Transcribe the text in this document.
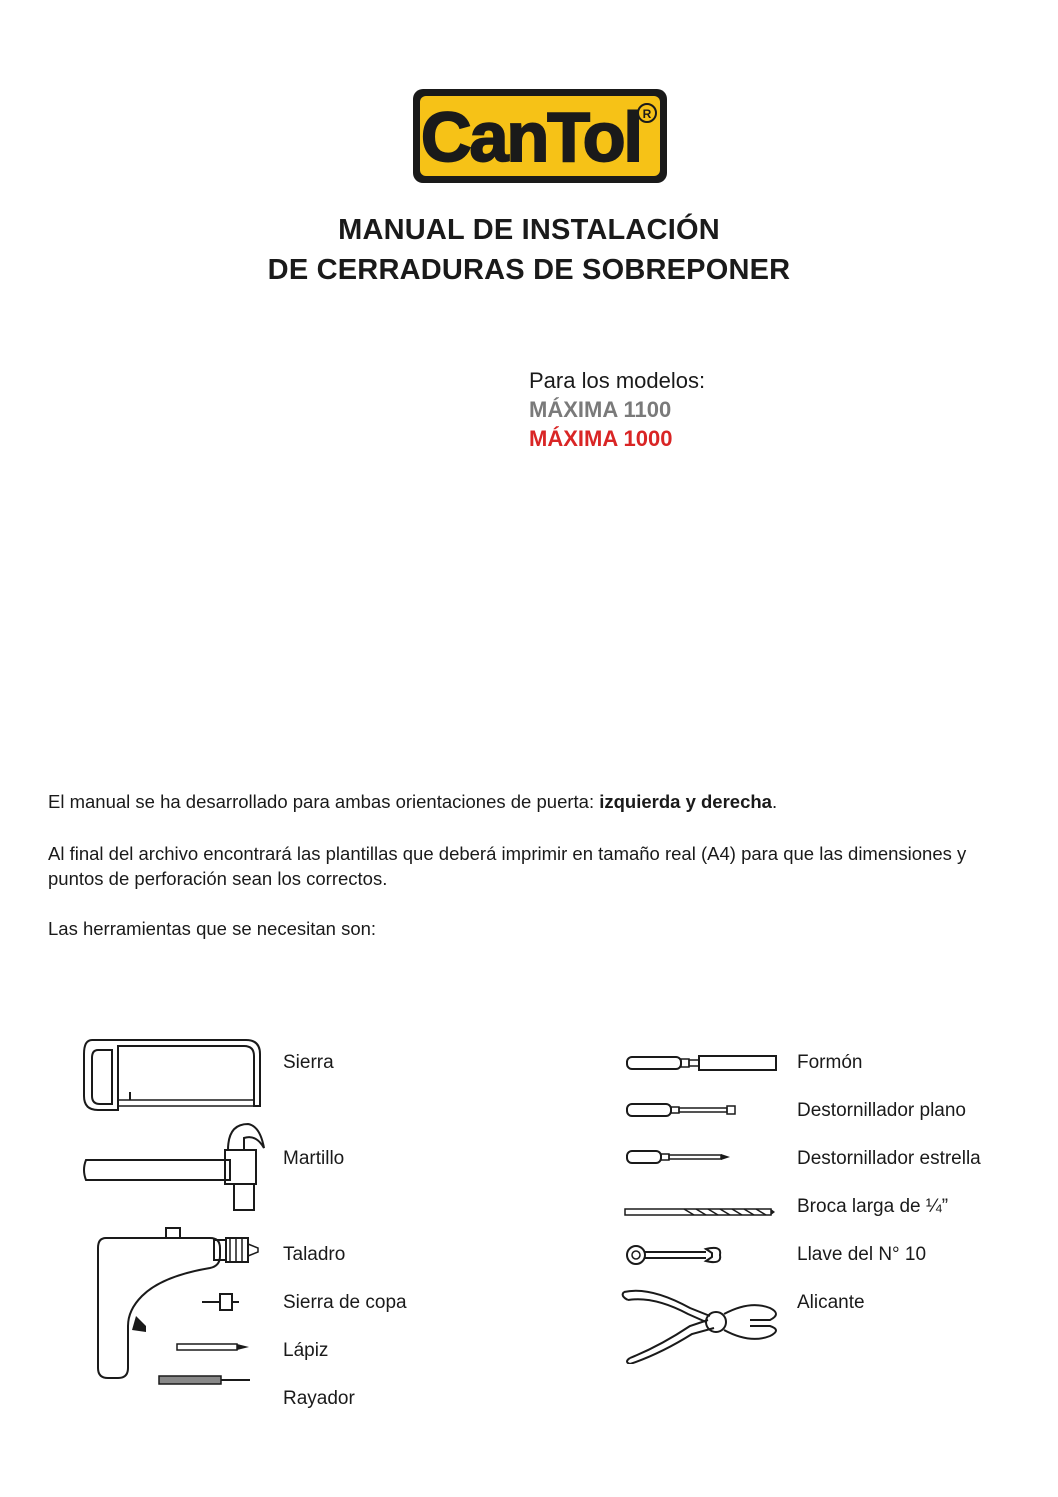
CanTol R
MANUAL DE INSTALACIÓN
DE CERRADURAS DE SOBREPONER
Para los modelos:
MÁXIMA 1100
MÁXIMA 1000
El manual se ha desarrollado para ambas orientaciones de puerta: izquierda y derecha.
Al final del archivo encontrará las plantillas que deberá imprimir en tamaño real (A4) para que las dimensiones y puntos de perforación sean los correctos.
Las herramientas que se necesitan son:
Sierra
Martillo
Taladro
Sierra de copa
Lápiz
Rayador
Formón
Destornillador plano
Destornillador estrella
Broca larga de ¼”
Llave del N° 10
Alicante
